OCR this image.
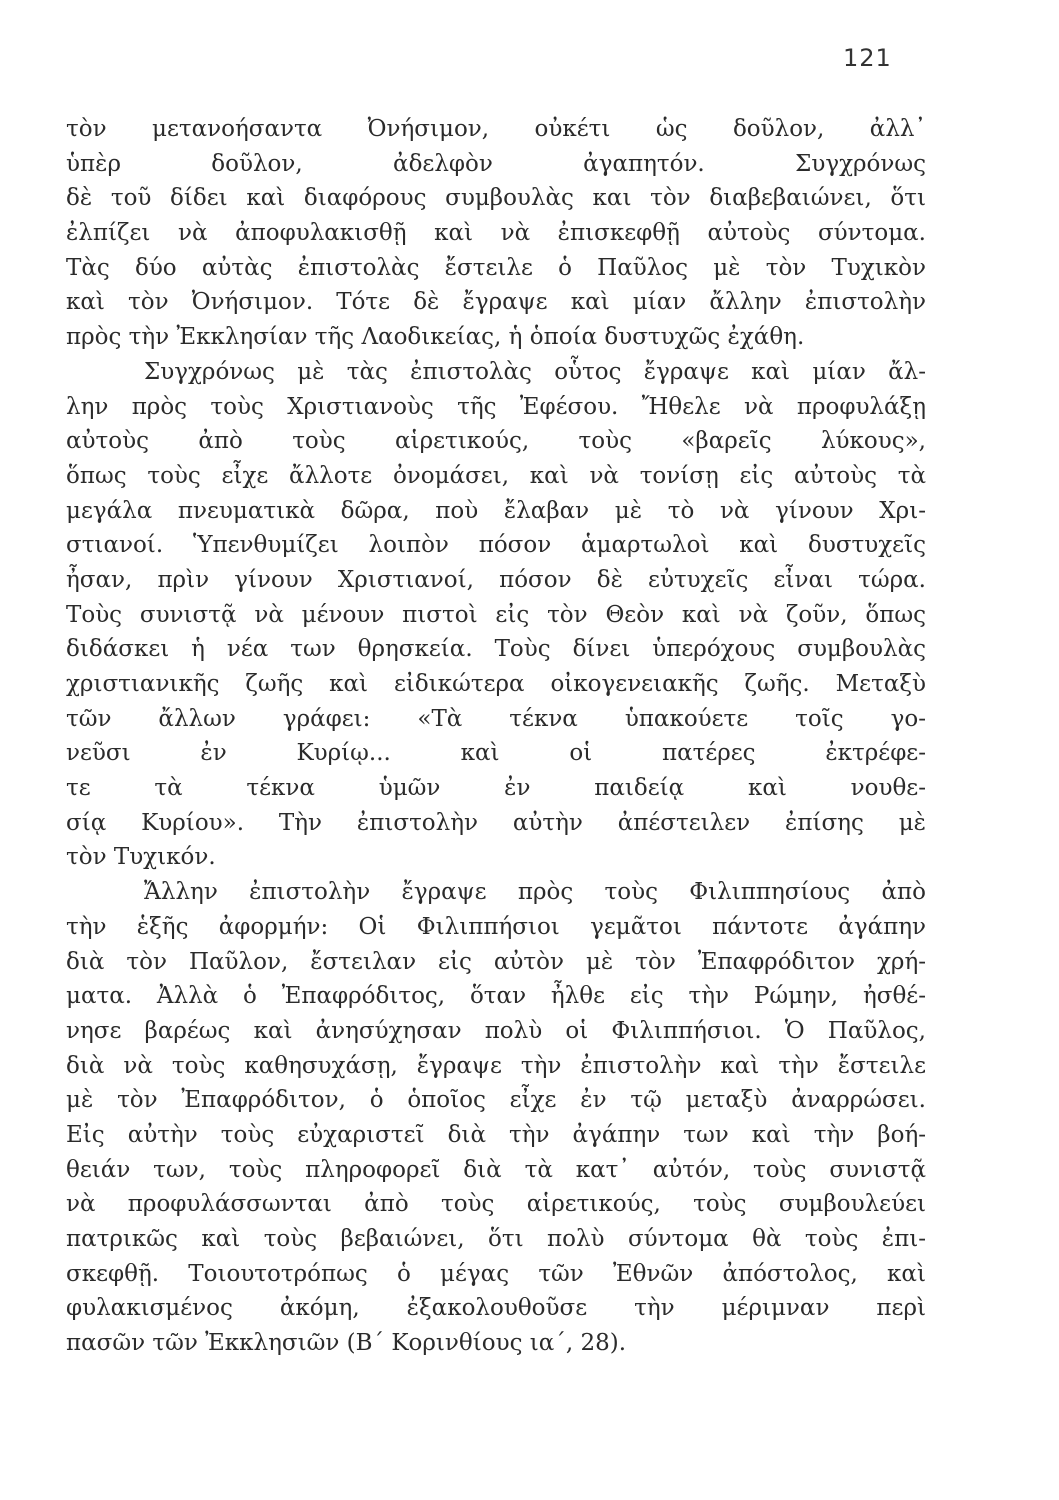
121
τὸν μετανοήσαντα Ὀνήσιμον, οὐκέτι ὡς δοῦλον, ἀλλ᾽
ὑπὲρ δοῦλον, ἀδελφὸν ἀγαπητόν. Συγχρόνως
δὲ τοῦ δίδει καὶ διαφόρους συμβουλὰς και τὸν διαβεβαιώνει, ὅτι
ἐλπίζει νὰ ἀποφυλακισθῇ καὶ νὰ ἐπισκεφθῇ αὐτοὺς σύντομα.
Τὰς δύο αὐτὰς ἐπιστολὰς ἔστειλε ὁ Παῦλος μὲ τὸν Τυχικὸν
καὶ τὸν Ὀνήσιμον. Τότε δὲ ἔγραψε καὶ μίαν ἄλλην ἐπιστολὴν
πρὸς τὴν Ἐκκλησίαν τῆς Λαοδικείας, ἡ ὁποία δυστυχῶς ἐχάθη.
Συγχρόνως μὲ τὰς ἐπιστολὰς οὗτος ἔγραψε καὶ μίαν ἄλ-
λην πρὸς τοὺς Χριστιανοὺς τῆς Ἐφέσου. Ἤθελε νὰ προφυλάξῃ
αὐτοὺς ἀπὸ τοὺς αἱρετικούς, τοὺς «βαρεῖς λύκους»,
ὅπως τοὺς εἶχε ἄλλοτε ὀνομάσει, καὶ νὰ τονίσῃ εἰς αὐτοὺς τὰ
μεγάλα πνευματικὰ δῶρα, ποὺ ἔλαβαν μὲ τὸ νὰ γίνουν Χρι-
στιανοί. Ὑπενθυμίζει λοιπὸν πόσον ἁμαρτωλοὶ καὶ δυστυχεῖς
ἦσαν, πρὶν γίνουν Χριστιανοί, πόσον δὲ εὐτυχεῖς εἶναι τώρα.
Τοὺς συνιστᾷ νὰ μένουν πιστοὶ εἰς τὸν Θεὸν καὶ νὰ ζοῦν, ὅπως
διδάσκει ἡ νέα των θρησκεία. Τοὺς δίνει ὑπερόχους συμβουλὰς
χριστιανικῆς ζωῆς καὶ εἰδικώτερα οἰκογενειακῆς ζωῆς. Μεταξὺ
τῶν ἄλλων γράφει: «Τὰ τέκνα ὑπακούετε τοῖς γο-
νεῦσι ἐν Κυρίῳ... καὶ οἱ πατέρες ἐκτρέφε-
τε τὰ τέκνα ὑμῶν ἐν παιδείᾳ καὶ νουθε-
σίᾳ Κυρίου». Τὴν ἐπιστολὴν αὐτὴν ἀπέστειλεν ἐπίσης μὲ
τὸν Τυχικόν.
Ἄλλην ἐπιστολὴν ἔγραψε πρὸς τοὺς Φιλιππησίους ἀπὸ
τὴν ἑξῆς ἀφορμήν: Οἱ Φιλιππήσιοι γεμᾶτοι πάντοτε ἀγάπην
διὰ τὸν Παῦλον, ἔστειλαν εἰς αὐτὸν μὲ τὸν Ἐπαφρόδιτον χρή-
ματα. Ἀλλὰ ὁ Ἐπαφρόδιτος, ὅταν ἦλθε εἰς τὴν Ρώμην, ἠσθέ-
νησε βαρέως καὶ ἀνησύχησαν πολὺ οἱ Φιλιππήσιοι. Ὁ Παῦλος,
διὰ νὰ τοὺς καθησυχάσῃ, ἔγραψε τὴν ἐπιστολὴν καὶ τὴν ἔστειλε
μὲ τὸν Ἐπαφρόδιτον, ὁ ὁποῖος εἶχε ἐν τῷ μεταξὺ ἀναρρώσει.
Εἰς αὐτὴν τοὺς εὐχαριστεῖ διὰ τὴν ἀγάπην των καὶ τὴν βοή-
θειάν των, τοὺς πληροφορεῖ διὰ τὰ κατ᾽ αὐτόν, τοὺς συνιστᾷ
νὰ προφυλάσσωνται ἀπὸ τοὺς αἱρετικούς, τοὺς συμβουλεύει
πατρικῶς καὶ τοὺς βεβαιώνει, ὅτι πολὺ σύντομα θὰ τοὺς ἐπι-
σκεφθῇ. Τοιουτοτρόπως ὁ μέγας τῶν Ἐθνῶν ἀπόστολος, καὶ
φυλακισμένος ἀκόμη, ἐξακολουθοῦσε τὴν μέριμναν περὶ
πασῶν τῶν Ἐκκλησιῶν (Β΄ Κορινθίους ια΄, 28).
